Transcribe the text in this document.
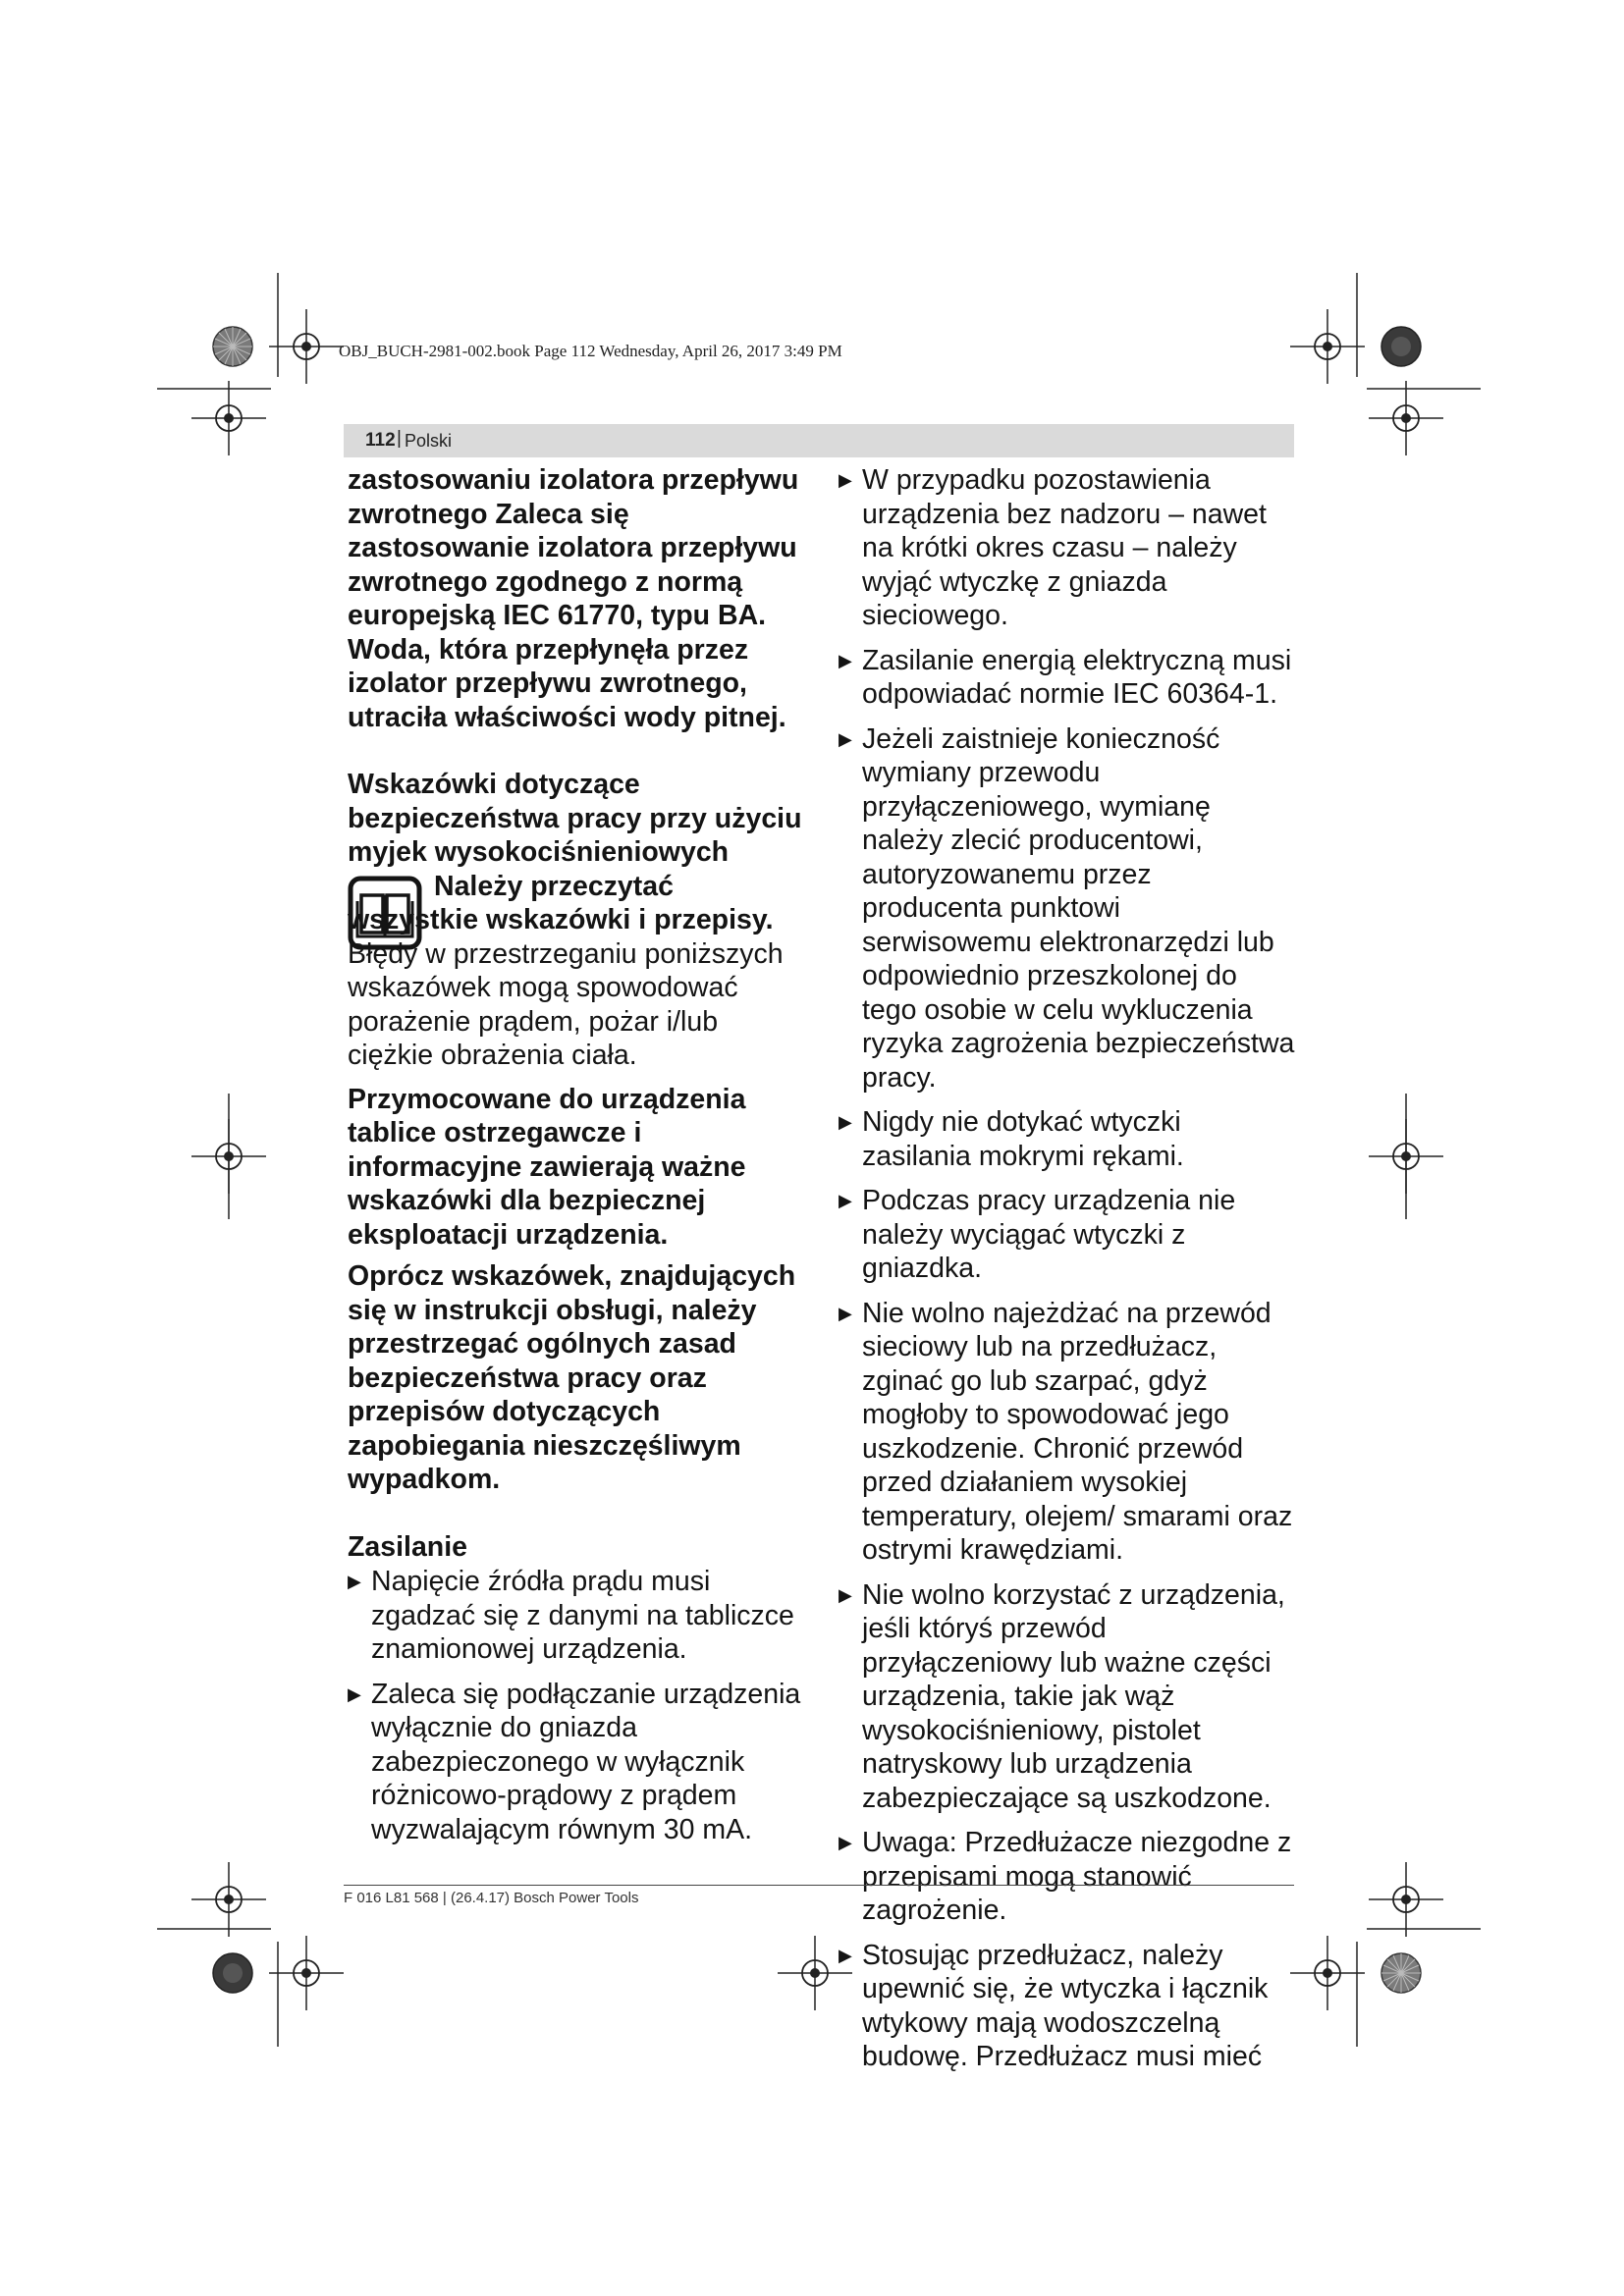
OBJ_BUCH-2981-002.book Page 112 Wednesday, April 26, 2017 3:49 PM
112 | Polski

zastosowaniu izolatora przepływu zwrotnego Zaleca się zastosowanie izolatora przepływu zwrotnego zgodnego z normą europejską IEC 61770, typu BA. Woda, która przepłynęła przez izolator przepływu zwrotnego, utraciła właściwości wody pitnej.

Wskazówki dotyczące bezpieczeństwa pracy przy użyciu myjek wysokociśnieniowych

Należy przeczytać wszystkie wskazówki i przepisy. Błędy w przestrzeganiu poniższych wskazówek mogą spowodować porażenie prądem, pożar i/lub ciężkie obrażenia ciała.

Przymocowane do urządzenia tablice ostrzegawcze i informacyjne zawierają ważne wskazówki dla bezpiecznej eksploatacji urządzenia.

Oprócz wskazówek, znajdujących się w instrukcji obsługi, należy przestrzegać ogólnych zasad bezpieczeństwa pracy oraz przepisów dotyczących zapobiegania nieszczęśliwym wypadkom.

Zasilanie

▶ Napięcie źródła prądu musi zgadzać się z danymi na tabliczce znamionowej urządzenia.

▶ Zaleca się podłączanie urządzenia wyłącznie do gniazda zabezpieczonego w wyłącznik różnicowo-prądowy z prądem wyzwalającym równym 30 mA.

▶ W przypadku pozostawienia urządzenia bez nadzoru – nawet na krótki okres czasu – należy wyjąć wtyczkę z gniazda sieciowego.

▶ Zasilanie energią elektryczną musi odpowiadać normie IEC 60364-1.

▶ Jeżeli zaistnieje konieczność wymiany przewodu przyłączeniowego, wymianę należy zlecić producentowi, autoryzowanemu przez producenta punktowi serwisowemu elektronarzędzi lub odpowiednio przeszkolonej do tego osobie w celu wykluczenia ryzyka zagrożenia bezpieczeństwa pracy.

▶ Nigdy nie dotykać wtyczki zasilania mokrymi rękami.

▶ Podczas pracy urządzenia nie należy wyciągać wtyczki z gniazdka.

▶ Nie wolno najeżdżać na przewód sieciowy lub na przedłużacz, zginać go lub szarpać, gdyż mogłoby to spowodować jego uszkodzenie. Chronić przewód przed działaniem wysokiej temperatury, olejem/ smarami oraz ostrymi krawędziami.

▶ Nie wolno korzystać z urządzenia, jeśli któryś przewód przyłączeniowy lub ważne części urządzenia, takie jak wąż wysokociśnieniowy, pistolet natryskowy lub urządzenia zabezpieczające są uszkodzone.

▶ Uwaga: Przedłużacze niezgodne z przepisami mogą stanowić zagrożenie.

▶ Stosując przedłużacz, należy upewnić się, że wtyczka i łącznik wtykowy mają wodoszczelną budowę. Przedłużacz musi mieć

F 016 L81 568 | (26.4.17) Bosch Power Tools
